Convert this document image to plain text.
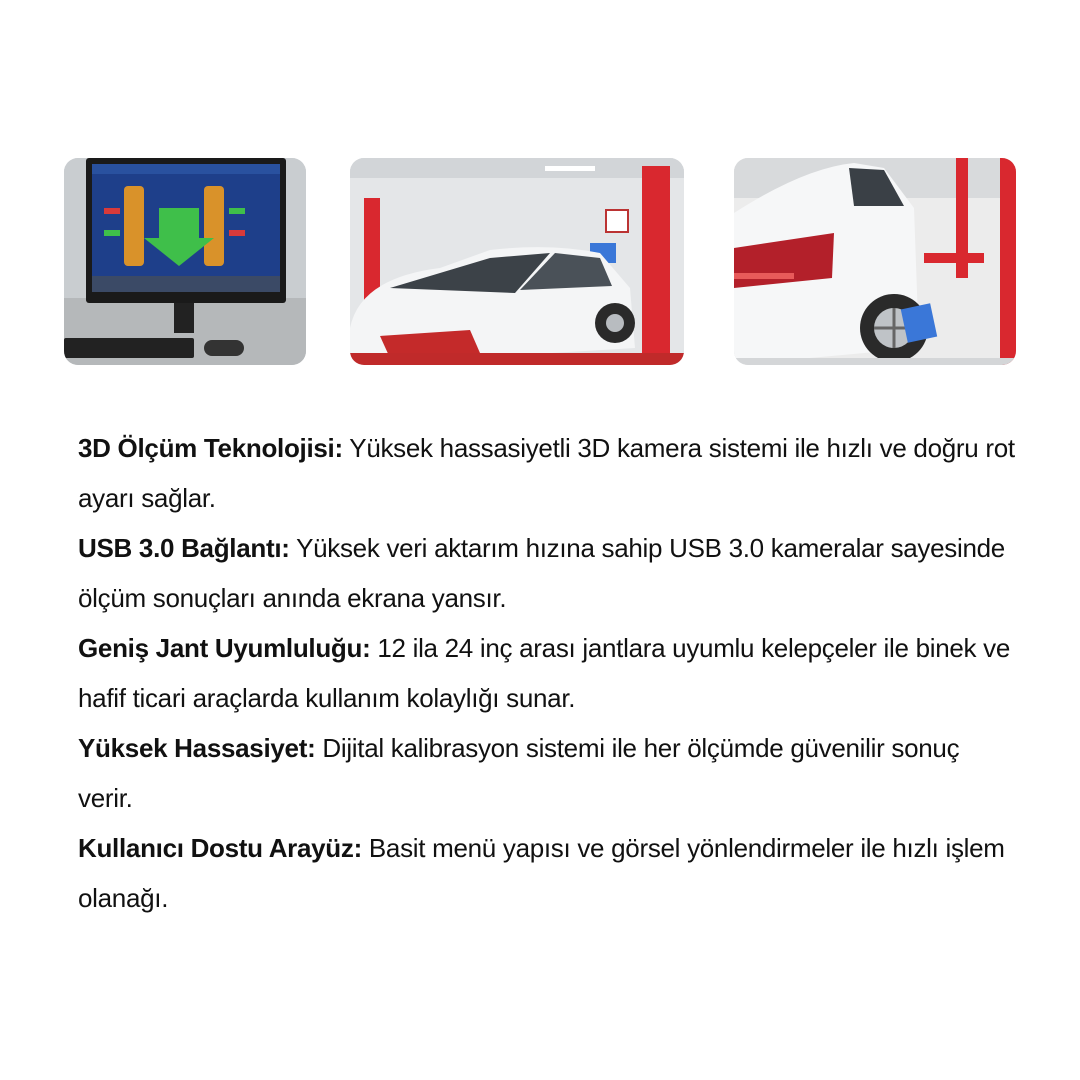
3D Ölçüm Teknolojisi: Yüksek hassasiyetli 3D kamera sistemi ile hızlı ve doğru rot ayarı sağlar.

USB 3.0 Bağlantı: Yüksek veri aktarım hızına sahip USB 3.0 kameralar sayesinde ölçüm sonuçları anında ekrana yansır.

Geniş Jant Uyumluluğu: 12 ila 24 inç arası jantlara uyumlu kelepçeler ile binek ve hafif ticari araçlarda kullanım kolaylığı sunar.

Yüksek Hassasiyet: Dijital kalibrasyon sistemi ile her ölçümde güvenilir sonuç verir.

Kullanıcı Dostu Arayüz: Basit menü yapısı ve görsel yönlendirmeler ile hızlı işlem olanağı.
